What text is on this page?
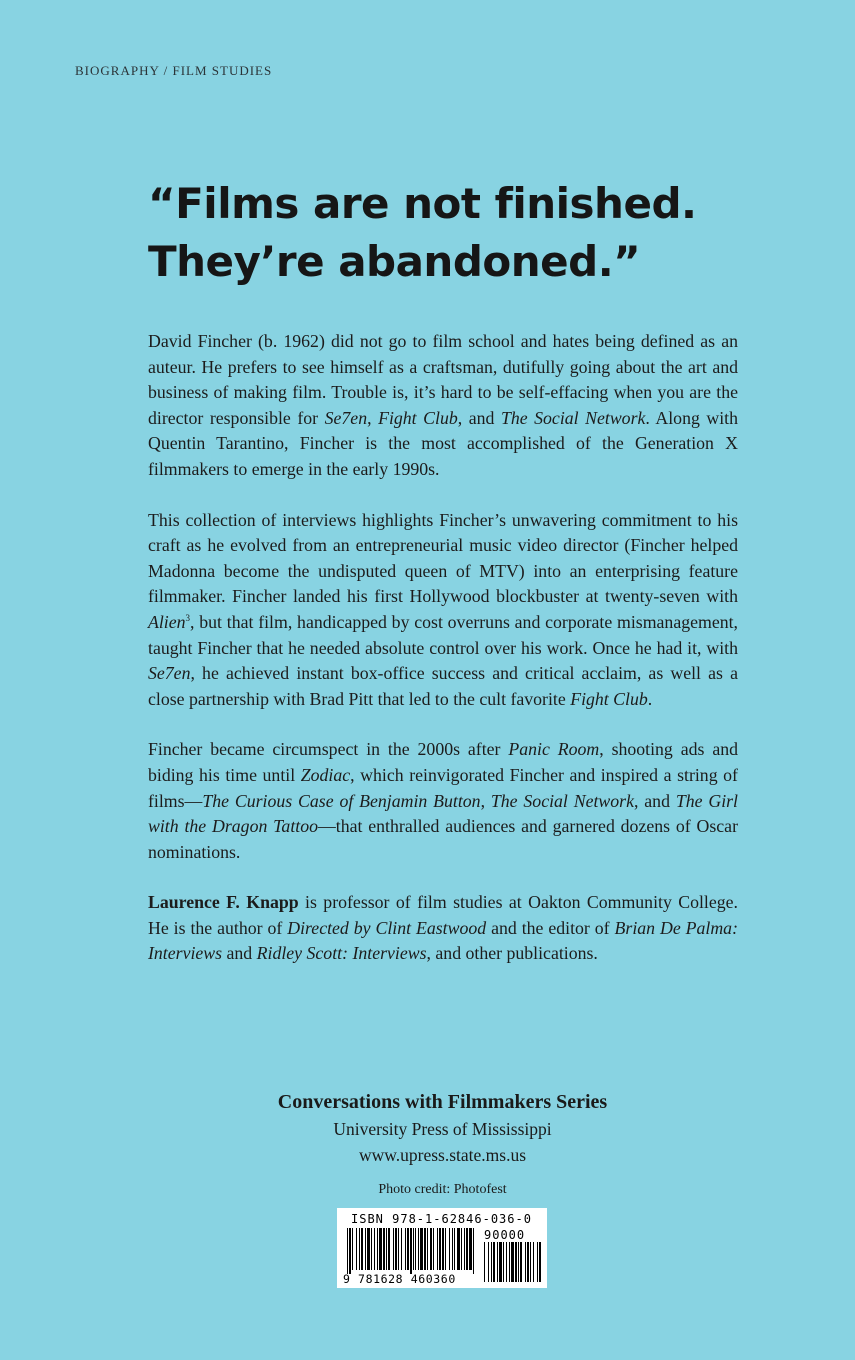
BIOGRAPHY / FILM STUDIES
“Films are not finished.
They’re abandoned.”

David Fincher (b. 1962) did not go to film school and hates being defined as an auteur. He prefers to see himself as a craftsman, dutifully going about the art and business of making film. Trouble is, it’s hard to be self-effacing when you are the director responsible for Se7en, Fight Club, and The Social Network. Along with Quentin Tarantino, Fincher is the most accomplished of the Generation X filmmakers to emerge in the early 1990s.

This collection of interviews highlights Fincher’s unwavering commitment to his craft as he evolved from an entrepreneurial music video director (Fincher helped Madonna become the undisputed queen of MTV) into an enterprising feature filmmaker. Fincher landed his first Hollywood blockbuster at twenty-seven with Alien$^3$, but that film, handicapped by cost overruns and corporate mismanagement, taught Fincher that he needed absolute control over his work. Once he had it, with Se7en, he achieved instant box-office success and critical acclaim, as well as a close partnership with Brad Pitt that led to the cult favorite Fight Club.

Fincher became circumspect in the 2000s after Panic Room, shooting ads and biding his time until Zodiac, which reinvigorated Fincher and inspired a string of films—The Curious Case of Benjamin Button, The Social Network, and The Girl with the Dragon Tattoo—that enthralled audiences and garnered dozens of Oscar nominations.

Laurence F. Knapp is professor of film studies at Oakton Community College. He is the author of Directed by Clint Eastwood and the editor of Brian De Palma: Interviews and Ridley Scott: Interviews, and other publications.

Conversations with Filmmakers Series
University Press of Mississippi
www.upress.state.ms.us
Photo credit: Photofest
ISBN 978-1-62846-036-0
90000
9 781628 460360
